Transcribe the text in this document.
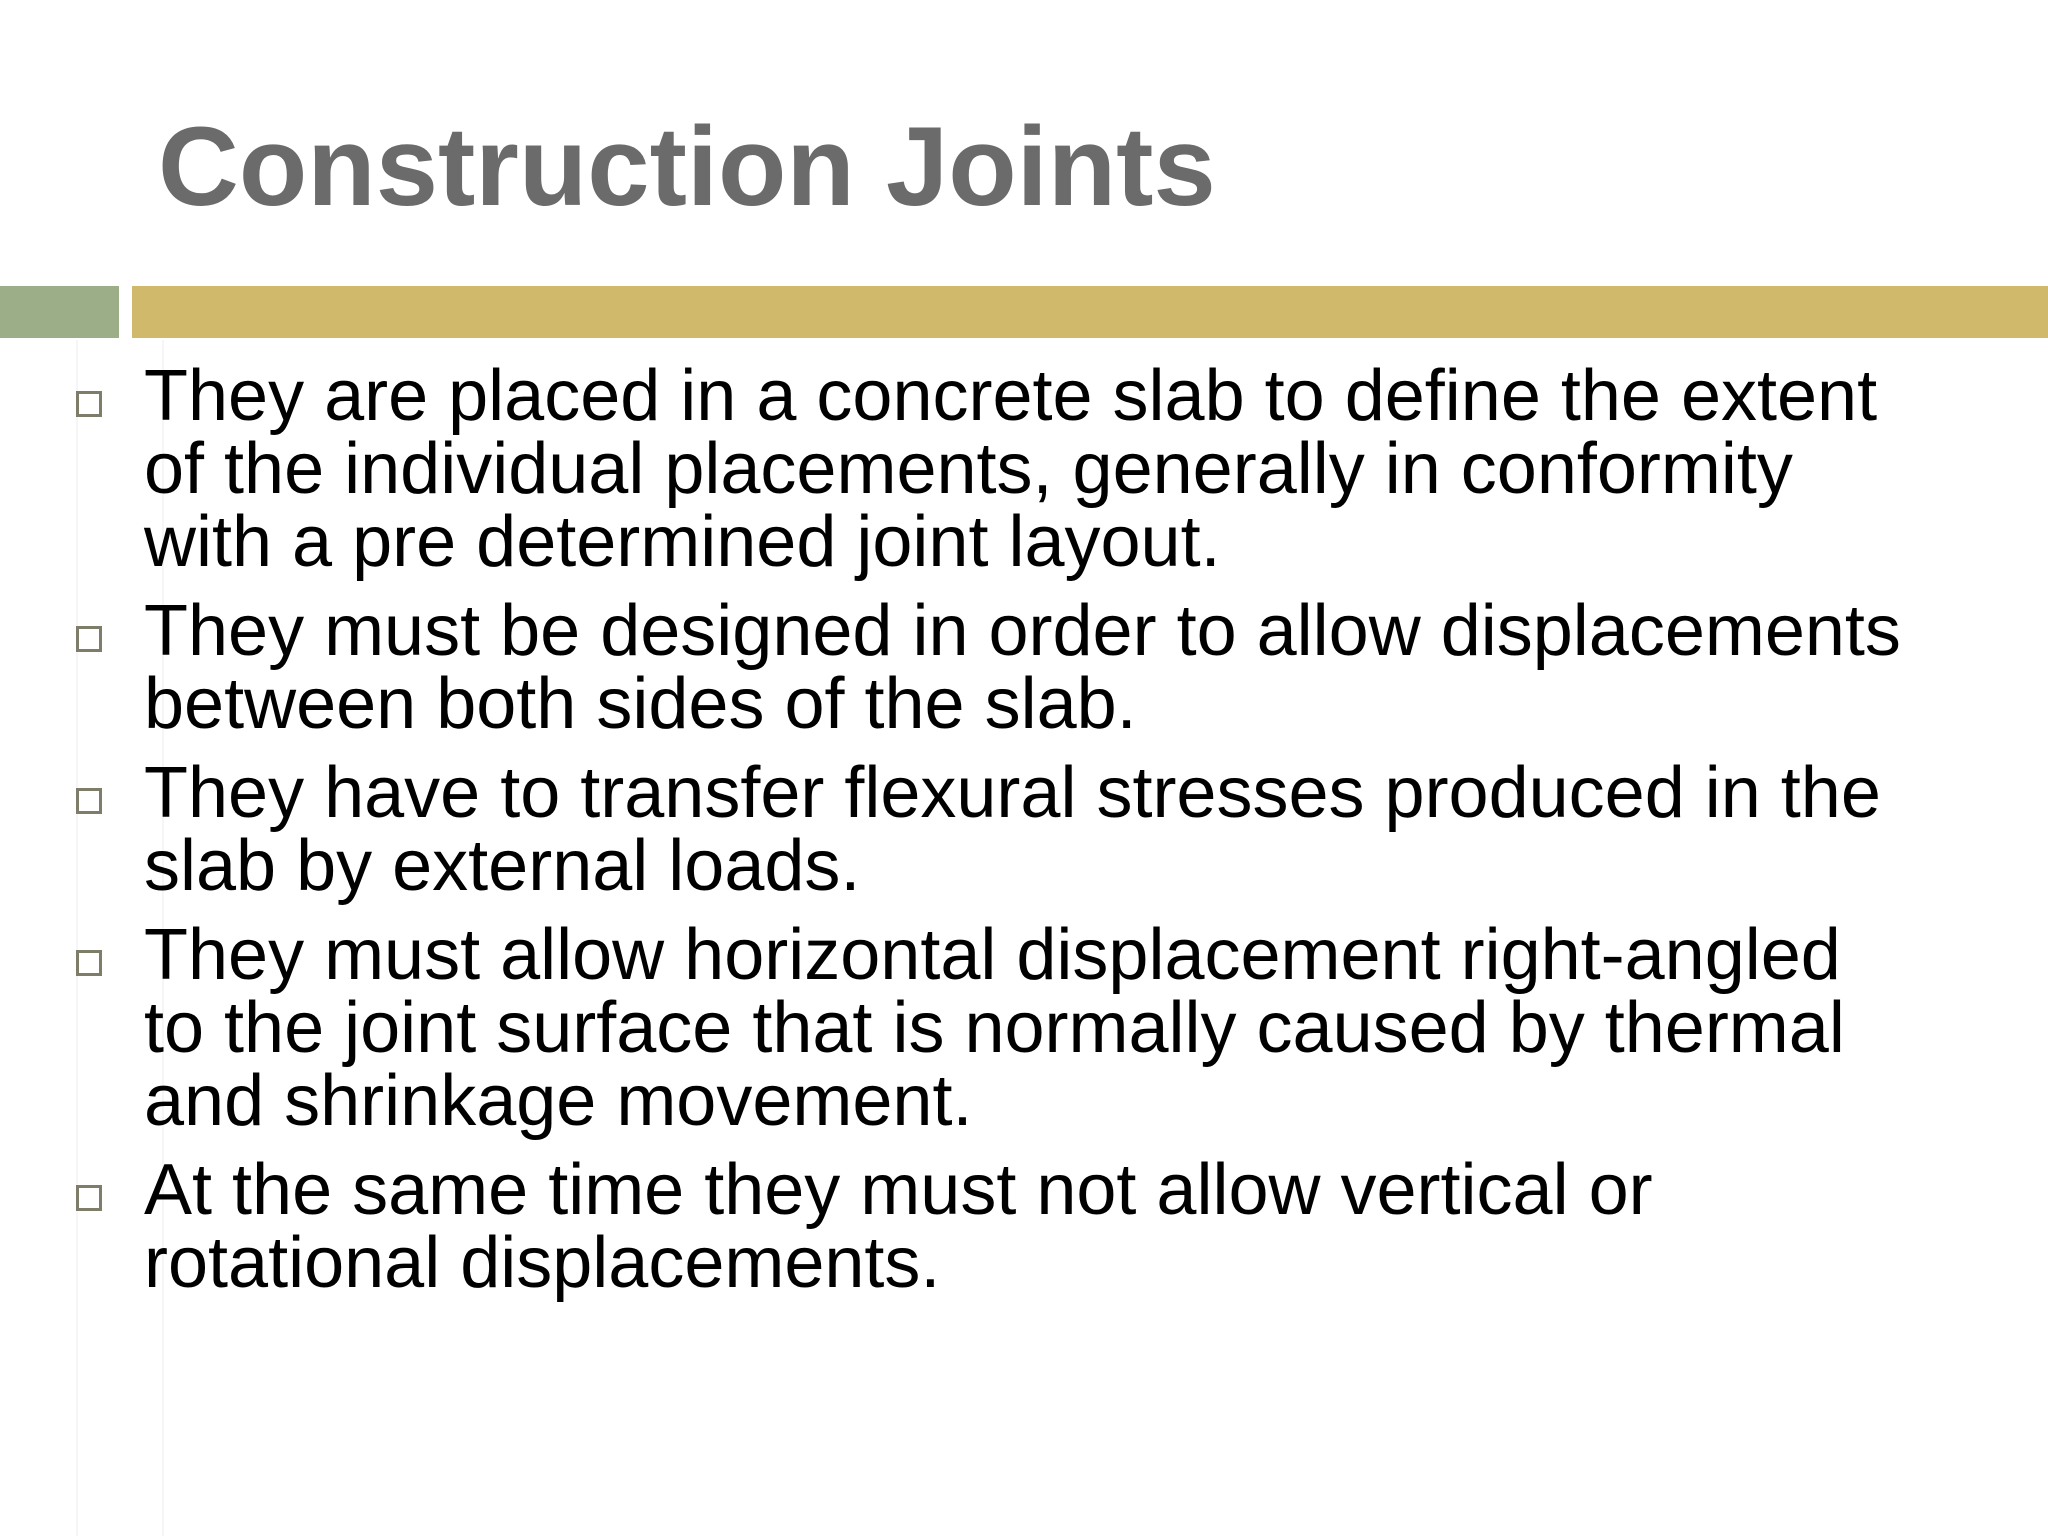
Construction Joints
They are placed in a concrete slab to define the extent
of the individual placements, generally in conformity
with a pre determined joint layout.
They must be designed in order to allow displacements
between both sides of the slab.
They have to transfer flexural stresses produced in the
slab by external loads.
They must allow horizontal displacement right-angled
to the joint surface that is normally caused by thermal
and shrinkage movement.
At the same time they must not allow vertical or
rotational displacements.
